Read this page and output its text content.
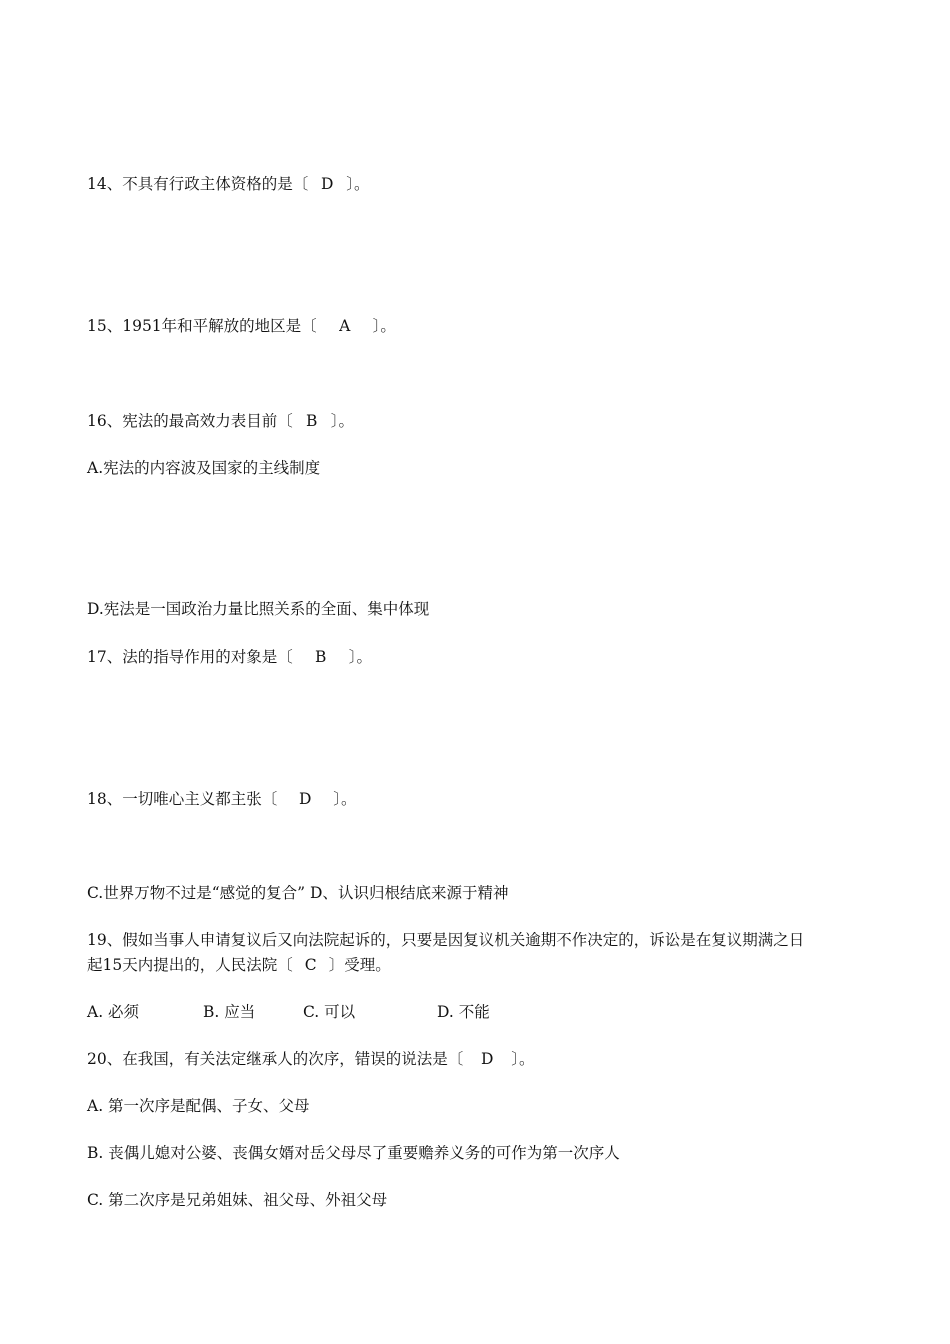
14、不具有行政主体资格的是〔 D 〕。
15、1951年和平解放的地区是〔 A 〕。
16、宪法的最高效力表目前〔 B 〕。
A.宪法的内容波及国家的主线制度
D.宪法是一国政治力量比照关系的全面、集中体现
17、法的指导作用的对象是〔 B 〕。
18、一切唯心主义都主张〔 D 〕。
C.世界万物不过是“感觉的复合” D、认识归根结底来源于精神
19、假如当事人申请复议后又向法院起诉的，只要是因复议机关逾期不作决定的，诉讼是在复议期满之日
起15天内提出的，人民法院〔 C 〕受理。
A. 必须	B. 应当	C. 可以	D. 不能
20、在我国，有关法定继承人的次序，错误的说法是〔 D 〕。
A. 第一次序是配偶、子女、父母
B. 丧偶儿媳对公婆、丧偶女婿对岳父母尽了重要赡养义务的可作为第一次序人
C. 第二次序是兄弟姐妹、祖父母、外祖父母
